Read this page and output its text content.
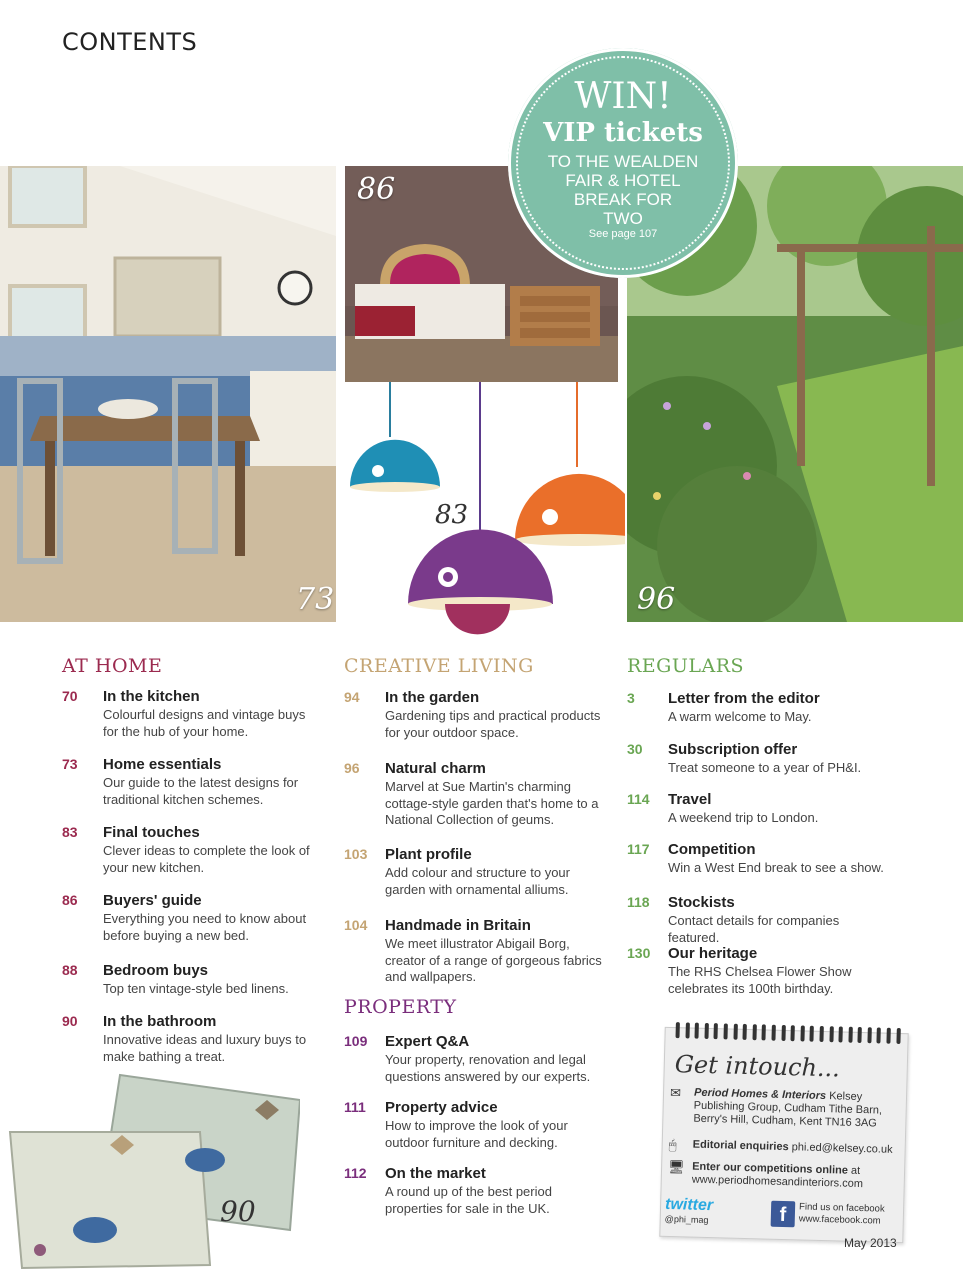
CONTENTS
73
86
83
96
WIN!
VIP tickets
TO THE WEALDEN
FAIR & HOTEL
BREAK FOR
TWO
See page 107
AT HOME
70 In the kitchen
Colourful designs and vintage buys for the hub of your home.
73 Home essentials
Our guide to the latest designs for traditional kitchen schemes.
83 Final touches
Clever ideas to complete the look of your new kitchen.
86 Buyers' guide
Everything you need to know about before buying a new bed.
88 Bedroom buys
Top ten vintage-style bed linens.
90 In the bathroom
Innovative ideas and luxury buys to make bathing a treat.
90
CREATIVE LIVING
94 In the garden
Gardening tips and practical products for your outdoor space.
96 Natural charm
Marvel at Sue Martin's charming cottage-style garden that's home to a National Collection of geums.
103 Plant profile
Add colour and structure to your garden with ornamental alliums.
104 Handmade in Britain
We meet illustrator Abigail Borg, creator of a range of gorgeous fabrics and wallpapers.
PROPERTY
109 Expert Q&A
Your property, renovation and legal questions answered by our experts.
111 Property advice
How to improve the look of your outdoor furniture and decking.
112 On the market
A round up of the best period properties for sale in the UK.
REGULARS
3 Letter from the editor
A warm welcome to May.
30 Subscription offer
Treat someone to a year of PH&I.
114 Travel
A weekend trip to London.
117 Competition
Win a West End break to see a show.
118 Stockists
Contact details for companies featured.
130 Our heritage
The RHS Chelsea Flower Show celebrates its 100th birthday.
Get intouch...
✉	Period Homes & Interiors Kelsey Publishing Group, Cudham Tithe Barn, Berry's Hill, Cudham, Kent TN16 3AG
🖱	Editorial enquiries phi.ed@kelsey.co.uk
🖥 Enter our competitions online at
www.periodhomesandinteriors.com
twitter
@phi_mag	f	Find us on facebook
www.facebook.com
May 2013
